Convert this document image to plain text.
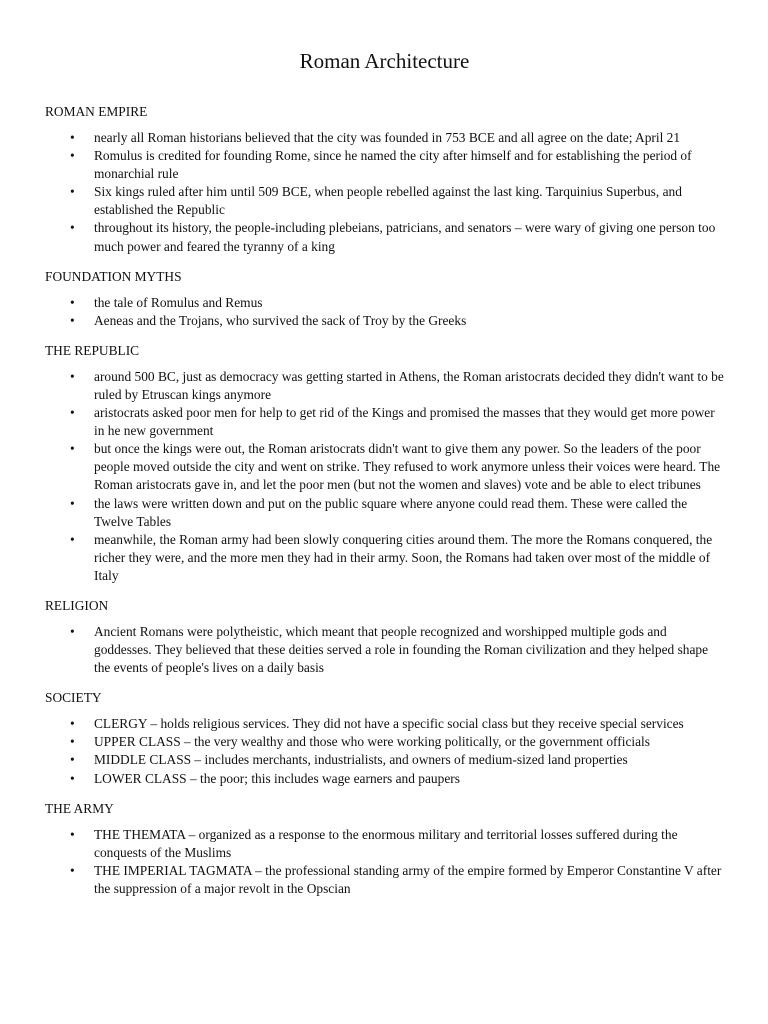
Roman Architecture
ROMAN EMPIRE
• nearly all Roman historians believed that the city was founded in 753 BCE and all agree on the date; April 21
• Romulus is credited for founding Rome, since he named the city after himself and for establishing the period of monarchial rule
• Six kings ruled after him until 509 BCE, when people rebelled against the last king. Tarquinius Superbus, and established the Republic
• throughout its history, the people-including plebeians, patricians, and senators – were wary of giving one person too much power and feared the tyranny of a king
FOUNDATION MYTHS
• the tale of Romulus and Remus
• Aeneas and the Trojans, who survived the sack of Troy by the Greeks
THE REPUBLIC
• around 500 BC, just as democracy was getting started in Athens, the Roman aristocrats decided they didn't want to be ruled by Etruscan kings anymore
• aristocrats asked poor men for help to get rid of the Kings and promised the masses that they would get more power in he new government
• but once the kings were out, the Roman aristocrats didn't want to give them any power. So the leaders of the poor people moved outside the city and went on strike. They refused to work anymore unless their voices were heard. The Roman aristocrats gave in, and let the poor men (but not the women and slaves) vote and be able to elect tribunes
• the laws were written down and put on the public square where anyone could read them. These were called the Twelve Tables
• meanwhile, the Roman army had been slowly conquering cities around them. The more the Romans conquered, the richer they were, and the more men they had in their army. Soon, the Romans had taken over most of the middle of Italy
RELIGION
• Ancient Romans were polytheistic, which meant that people recognized and worshipped multiple gods and goddesses. They believed that these deities served a role in founding the Roman civilization and they helped shape the events of people's lives on a daily basis
SOCIETY
• CLERGY – holds religious services. They did not have a specific social class but they receive special services
• UPPER CLASS – the very wealthy and those who were working politically, or the government officials
• MIDDLE CLASS – includes merchants, industrialists, and owners of medium-sized land properties
• LOWER CLASS – the poor; this includes wage earners and paupers
THE ARMY
• THE THEMATA – organized as a response to the enormous military and territorial losses suffered during the conquests of the Muslims
• THE IMPERIAL TAGMATA – the professional standing army of the empire formed by Emperor Constantine V after the suppression of a major revolt in the Opscian
